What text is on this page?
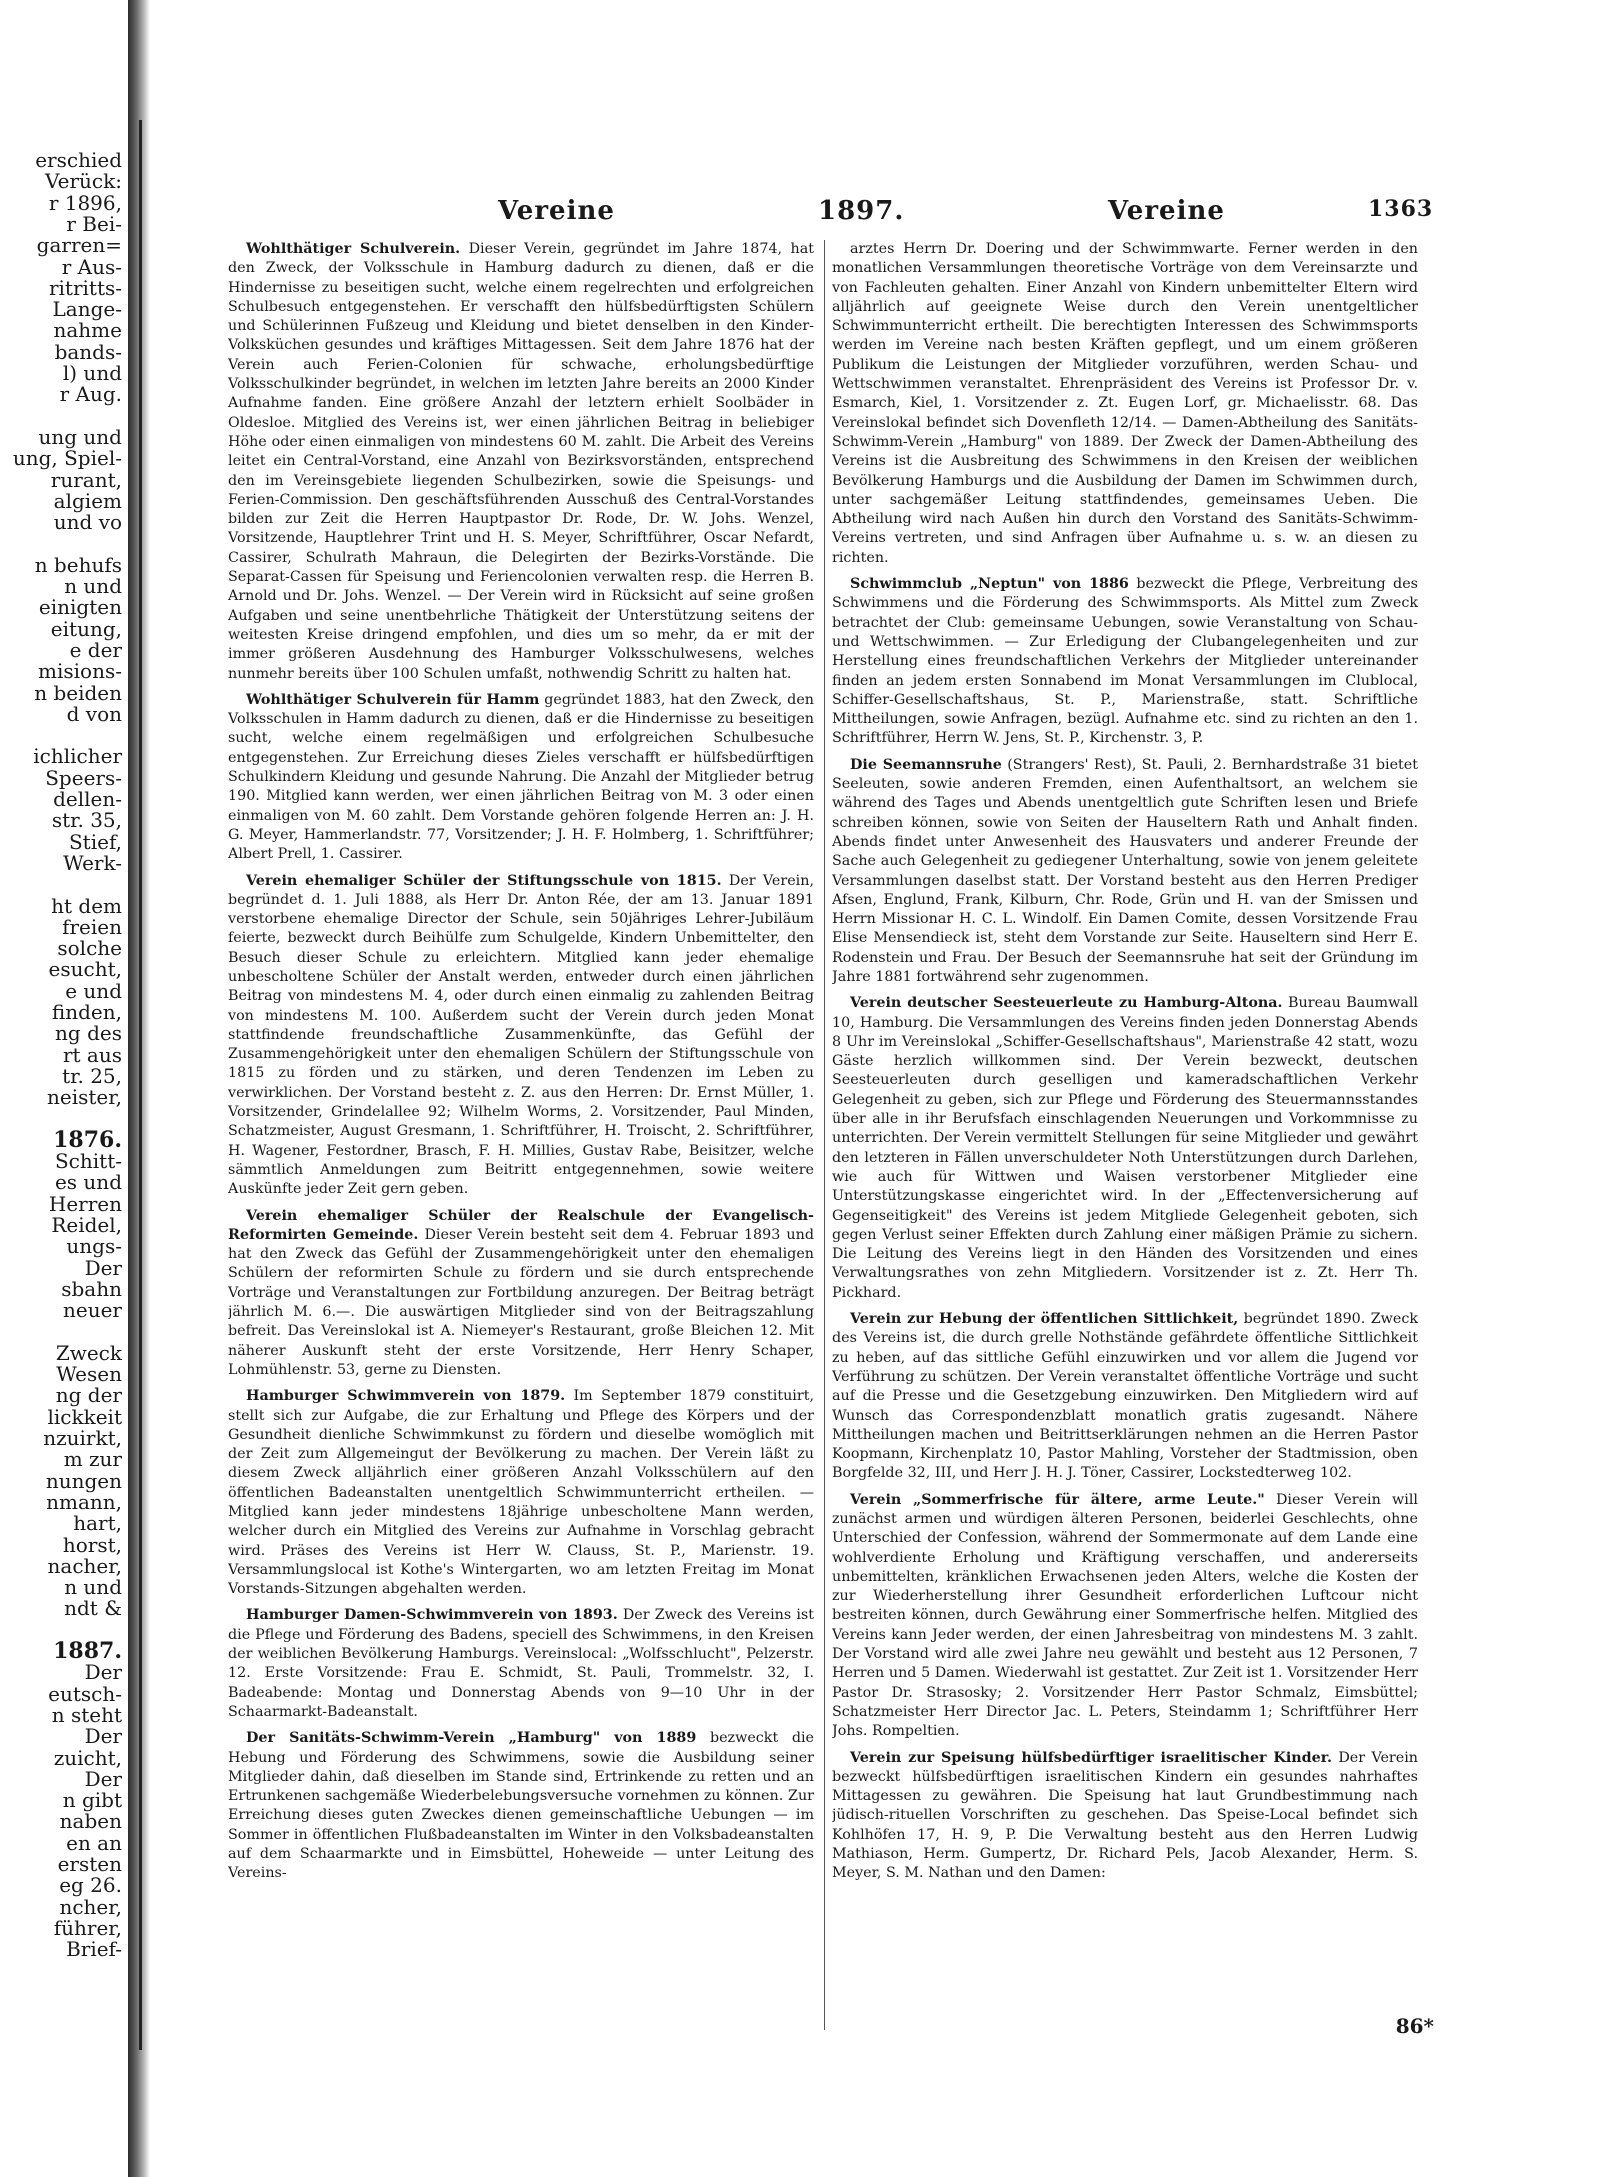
erschied
Verück:
r 1896,
r Bei-
garren=
r Aus-
ritritts-
Lange-
nahme
bands-
l) und
r Aug.
ung und
ung, Spiel-
rurant,
algiem
und vo
n behufs
n und
einigten
eitung,
e der
misions-
n beiden
d von
ichlicher
Speers-
dellen-
str. 35,
Stief,
Werk-
ht dem
freien
solche
esucht,
e und
finden,
ng des
rt aus
tr. 25,
neister,
1876.
Schitt-
es und
Herren
Reidel,
ungs-
Der
sbahn
neuer
Zweck
Wesen
ng der
lickkeit
nzuirkt,
m zur
nungen
nmann,
hart,
horst,
nacher,
n und
ndt &
1887.
Der
eutsch-
n steht
Der
zuicht,
Der
n gibt
naben
en an
ersten
eg 26.
ncher,
führer,
Brief-
Vereine	1897.	Vereine	1363

Wohlthätiger Schulverein. Dieser Verein, gegründet im Jahre 1874, hat den Zweck, der Volksschule in Hamburg dadurch zu dienen, daß er die Hindernisse zu beseitigen sucht, welche einem regelrechten und erfolgreichen Schulbesuch entgegenstehen. Er verschafft den hülfsbedürftigsten Schülern und Schülerinnen Fußzeug und Kleidung und bietet denselben in den Kinder-Volksküchen gesundes und kräftiges Mittagessen. Seit dem Jahre 1876 hat der Verein auch Ferien-Colonien für schwache, erholungsbedürftige Volksschulkinder begründet, in welchen im letzten Jahre bereits an 2000 Kinder Aufnahme fanden. Eine größere Anzahl der letztern erhielt Soolbäder in Oldesloe. Mitglied des Vereins ist, wer einen jährlichen Beitrag in beliebiger Höhe oder einen einmaligen von mindestens 60 M. zahlt. Die Arbeit des Vereins leitet ein Central-Vorstand, eine Anzahl von Bezirksvorständen, entsprechend den im Vereinsgebiete liegenden Schulbezirken, sowie die Speisungs- und Ferien-Commission. Den geschäftsführenden Ausschuß des Central-Vorstandes bilden zur Zeit die Herren Hauptpastor Dr. Rode, Dr. W. Johs. Wenzel, Vorsitzende, Hauptlehrer Trint und H. S. Meyer, Schriftführer, Oscar Nefardt, Cassirer, Schulrath Mahraun, die Delegirten der Bezirks-Vorstände. Die Separat-Cassen für Speisung und Feriencolonien verwalten resp. die Herren B. Arnold und Dr. Johs. Wenzel. — Der Verein wird in Rücksicht auf seine großen Aufgaben und seine unentbehrliche Thätigkeit der Unterstützung seitens der weitesten Kreise dringend empfohlen, und dies um so mehr, da er mit der immer größeren Ausdehnung des Hamburger Volksschulwesens, welches nunmehr bereits über 100 Schulen umfaßt, nothwendig Schritt zu halten hat.

Wohlthätiger Schulverein für Hamm gegründet 1883, hat den Zweck, den Volksschulen in Hamm dadurch zu dienen, daß er die Hindernisse zu beseitigen sucht, welche einem regelmäßigen und erfolgreichen Schulbesuche entgegenstehen. Zur Erreichung dieses Zieles verschafft er hülfsbedürftigen Schulkindern Kleidung und gesunde Nahrung. Die Anzahl der Mitglieder betrug 190. Mitglied kann werden, wer einen jährlichen Beitrag von M. 3 oder einen einmaligen von M. 60 zahlt. Dem Vorstande gehören folgende Herren an: J. H. G. Meyer, Hammerlandstr. 77, Vorsitzender; J. H. F. Holmberg, 1. Schriftführer; Albert Prell, 1. Cassirer.

Verein ehemaliger Schüler der Stiftungsschule von 1815. Der Verein, begründet d. 1. Juli 1888, als Herr Dr. Anton Rée, der am 13. Januar 1891 verstorbene ehemalige Director der Schule, sein 50jähriges Lehrer-Jubiläum feierte, bezweckt durch Beihülfe zum Schulgelde, Kindern Unbemittelter, den Besuch dieser Schule zu erleichtern. Mitglied kann jeder ehemalige unbescholtene Schüler der Anstalt werden, entweder durch einen jährlichen Beitrag von mindestens M. 4, oder durch einen einmalig zu zahlenden Beitrag von mindestens M. 100. Außerdem sucht der Verein durch jeden Monat stattfindende freundschaftliche Zusammenkünfte, das Gefühl der Zusammengehörigkeit unter den ehemaligen Schülern der Stiftungsschule von 1815 zu förden und zu stärken, und deren Tendenzen im Leben zu verwirklichen. Der Vorstand besteht z. Z. aus den Herren: Dr. Ernst Müller, 1. Vorsitzender, Grindelallee 92; Wilhelm Worms, 2. Vorsitzender, Paul Minden, Schatzmeister, August Gresmann, 1. Schriftführer, H. Troischt, 2. Schriftführer, H. Wagener, Festordner, Brasch, F. H. Millies, Gustav Rabe, Beisitzer, welche sämmtlich Anmeldungen zum Beitritt entgegennehmen, sowie weitere Auskünfte jeder Zeit gern geben.

Verein ehemaliger Schüler der Realschule der Evangelisch-Reformirten Gemeinde. Dieser Verein besteht seit dem 4. Februar 1893 und hat den Zweck das Gefühl der Zusammengehörigkeit unter den ehemaligen Schülern der reformirten Schule zu fördern und sie durch entsprechende Vorträge und Veranstaltungen zur Fortbildung anzuregen. Der Beitrag beträgt jährlich M. 6.—. Die auswärtigen Mitglieder sind von der Beitragszahlung befreit. Das Vereinslokal ist A. Niemeyer's Restaurant, große Bleichen 12. Mit näherer Auskunft steht der erste Vorsitzende, Herr Henry Schaper, Lohmühlenstr. 53, gerne zu Diensten.

Hamburger Schwimmverein von 1879. Im September 1879 constituirt, stellt sich zur Aufgabe, die zur Erhaltung und Pflege des Körpers und der Gesundheit dienliche Schwimmkunst zu fördern und dieselbe womöglich mit der Zeit zum Allgemeingut der Bevölkerung zu machen. Der Verein läßt zu diesem Zweck alljährlich einer größeren Anzahl Volksschülern auf den öffentlichen Badeanstalten unentgeltlich Schwimmunterricht ertheilen. — Mitglied kann jeder mindestens 18jährige unbescholtene Mann werden, welcher durch ein Mitglied des Vereins zur Aufnahme in Vorschlag gebracht wird. Präses des Vereins ist Herr W. Clauss, St. P., Marienstr. 19. Versammlungslocal ist Kothe's Wintergarten, wo am letzten Freitag im Monat Vorstands-Sitzungen abgehalten werden.

Hamburger Damen-Schwimmverein von 1893. Der Zweck des Vereins ist die Pflege und Förderung des Badens, speciell des Schwimmens, in den Kreisen der weiblichen Bevölkerung Hamburgs. Vereinslocal: „Wolfsschlucht", Pelzerstr. 12. Erste Vorsitzende: Frau E. Schmidt, St. Pauli, Trommelstr. 32, I. Badeabende: Montag und Donnerstag Abends von 9—10 Uhr in der Schaarmarkt-Badeanstalt.

Der Sanitäts-Schwimm-Verein „Hamburg" von 1889 bezweckt die Hebung und Förderung des Schwimmens, sowie die Ausbildung seiner Mitglieder dahin, daß dieselben im Stande sind, Ertrinkende zu retten und an Ertrunkenen sachgemäße Wiederbelebungsversuche vornehmen zu können. Zur Erreichung dieses guten Zweckes dienen gemeinschaftliche Uebungen — im Sommer in öffentlichen Flußbadeanstalten im Winter in den Volksbadeanstalten auf dem Schaarmarkte und in Eimsbüttel, Hoheweide — unter Leitung des Vereins-

arztes Herrn Dr. Doering und der Schwimmwarte. Ferner werden in den monatlichen Versammlungen theoretische Vorträge von dem Vereinsarzte und von Fachleuten gehalten. Einer Anzahl von Kindern unbemittelter Eltern wird alljährlich auf geeignete Weise durch den Verein unentgeltlicher Schwimmunterricht ertheilt. Die berechtigten Interessen des Schwimmsports werden im Vereine nach besten Kräften gepflegt, und um einem größeren Publikum die Leistungen der Mitglieder vorzuführen, werden Schau- und Wettschwimmen veranstaltet. Ehrenpräsident des Vereins ist Professor Dr. v. Esmarch, Kiel, 1. Vorsitzender z. Zt. Eugen Lorf, gr. Michaelisstr. 68. Das Vereinslokal befindet sich Dovenfleth 12/14. — Damen-Abtheilung des Sanitäts-Schwimm-Verein „Hamburg" von 1889. Der Zweck der Damen-Abtheilung des Vereins ist die Ausbreitung des Schwimmens in den Kreisen der weiblichen Bevölkerung Hamburgs und die Ausbildung der Damen im Schwimmen durch, unter sachgemäßer Leitung stattfindendes, gemeinsames Ueben. Die Abtheilung wird nach Außen hin durch den Vorstand des Sanitäts-Schwimm-Vereins vertreten, und sind Anfragen über Aufnahme u. s. w. an diesen zu richten.

Schwimmclub „Neptun" von 1886 bezweckt die Pflege, Verbreitung des Schwimmens und die Förderung des Schwimmsports. Als Mittel zum Zweck betrachtet der Club: gemeinsame Uebungen, sowie Veranstaltung von Schau- und Wettschwimmen. — Zur Erledigung der Clubangelegenheiten und zur Herstellung eines freundschaftlichen Verkehrs der Mitglieder untereinander finden an jedem ersten Sonnabend im Monat Versammlungen im Clublocal, Schiffer-Gesellschaftshaus, St. P., Marienstraße, statt. Schriftliche Mittheilungen, sowie Anfragen, bezügl. Aufnahme etc. sind zu richten an den 1. Schriftführer, Herrn W. Jens, St. P., Kirchenstr. 3, P.

Die Seemannsruhe (Strangers' Rest), St. Pauli, 2. Bernhardstraße 31 bietet Seeleuten, sowie anderen Fremden, einen Aufenthaltsort, an welchem sie während des Tages und Abends unentgeltlich gute Schriften lesen und Briefe schreiben können, sowie von Seiten der Hauseltern Rath und Anhalt finden. Abends findet unter Anwesenheit des Hausvaters und anderer Freunde der Sache auch Gelegenheit zu gediegener Unterhaltung, sowie von jenem geleitete Versammlungen daselbst statt. Der Vorstand besteht aus den Herren Prediger Afsen, Englund, Frank, Kilburn, Chr. Rode, Grün und H. van der Smissen und Herrn Missionar H. C. L. Windolf. Ein Damen Comite, dessen Vorsitzende Frau Elise Mensendieck ist, steht dem Vorstande zur Seite. Hauseltern sind Herr E. Rodenstein und Frau. Der Besuch der Seemannsruhe hat seit der Gründung im Jahre 1881 fortwährend sehr zugenommen.

Verein deutscher Seesteuerleute zu Hamburg-Altona. Bureau Baumwall 10, Hamburg. Die Versammlungen des Vereins finden jeden Donnerstag Abends 8 Uhr im Vereinslokal „Schiffer-Gesellschaftshaus", Marienstraße 42 statt, wozu Gäste herzlich willkommen sind. Der Verein bezweckt, deutschen Seesteuerleuten durch geselligen und kameradschaftlichen Verkehr Gelegenheit zu geben, sich zur Pflege und Förderung des Steuermannsstandes über alle in ihr Berufsfach einschlagenden Neuerungen und Vorkommnisse zu unterrichten. Der Verein vermittelt Stellungen für seine Mitglieder und gewährt den letzteren in Fällen unverschuldeter Noth Unterstützungen durch Darlehen, wie auch für Wittwen und Waisen verstorbener Mitglieder eine Unterstützungskasse eingerichtet wird. In der „Effectenversicherung auf Gegenseitigkeit" des Vereins ist jedem Mitgliede Gelegenheit geboten, sich gegen Verlust seiner Effekten durch Zahlung einer mäßigen Prämie zu sichern. Die Leitung des Vereins liegt in den Händen des Vorsitzenden und eines Verwaltungsrathes von zehn Mitgliedern. Vorsitzender ist z. Zt. Herr Th. Pickhard.

Verein zur Hebung der öffentlichen Sittlichkeit, begründet 1890. Zweck des Vereins ist, die durch grelle Nothstände gefährdete öffentliche Sittlichkeit zu heben, auf das sittliche Gefühl einzuwirken und vor allem die Jugend vor Verführung zu schützen. Der Verein veranstaltet öffentliche Vorträge und sucht auf die Presse und die Gesetzgebung einzuwirken. Den Mitgliedern wird auf Wunsch das Correspondenzblatt monatlich gratis zugesandt. Nähere Mittheilungen machen und Beitrittserklärungen nehmen an die Herren Pastor Koopmann, Kirchenplatz 10, Pastor Mahling, Vorsteher der Stadtmission, oben Borgfelde 32, III, und Herr J. H. J. Töner, Cassirer, Lockstedterweg 102.

Verein „Sommerfrische für ältere, arme Leute." Dieser Verein will zunächst armen und würdigen älteren Personen, beiderlei Geschlechts, ohne Unterschied der Confession, während der Sommermonate auf dem Lande eine wohlverdiente Erholung und Kräftigung verschaffen, und andererseits unbemittelten, kränklichen Erwachsenen jeden Alters, welche die Kosten der zur Wiederherstellung ihrer Gesundheit erforderlichen Luftcour nicht bestreiten können, durch Gewährung einer Sommerfrische helfen. Mitglied des Vereins kann Jeder werden, der einen Jahresbeitrag von mindestens M. 3 zahlt. Der Vorstand wird alle zwei Jahre neu gewählt und besteht aus 12 Personen, 7 Herren und 5 Damen. Wiederwahl ist gestattet. Zur Zeit ist 1. Vorsitzender Herr Pastor Dr. Strasosky; 2. Vorsitzender Herr Pastor Schmalz, Eimsbüttel; Schatzmeister Herr Director Jac. L. Peters, Steindamm 1; Schriftführer Herr Johs. Rompeltien.

Verein zur Speisung hülfsbedürftiger israelitischer Kinder. Der Verein bezweckt hülfsbedürftigen israelitischen Kindern ein gesundes nahrhaftes Mittagessen zu gewähren. Die Speisung hat laut Grundbestimmung nach jüdisch-rituellen Vorschriften zu geschehen. Das Speise-Local befindet sich Kohlhöfen 17, H. 9, P. Die Verwaltung besteht aus den Herren Ludwig Mathiason, Herm. Gumpertz, Dr. Richard Pels, Jacob Alexander, Herm. S. Meyer, S. M. Nathan und den Damen:

86*
